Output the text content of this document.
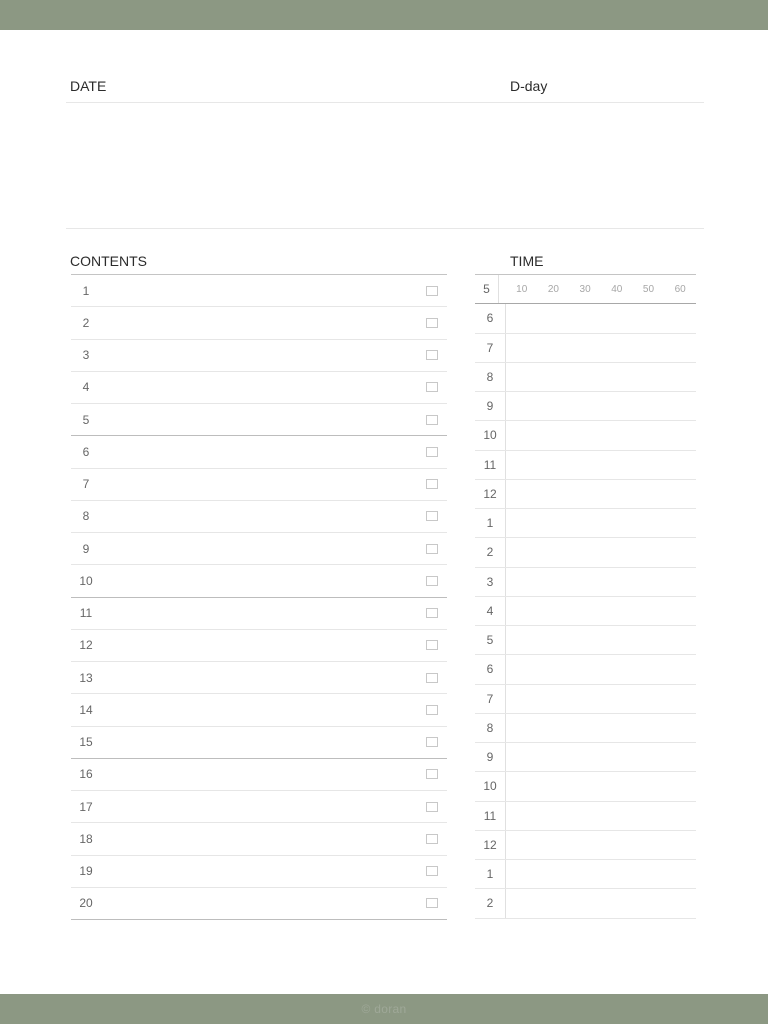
DATE	D-day
CONTENTS	TIME
1
2
3
4
5
6
7
8
9
10
11
12
13
14
15
16
17
18
19
20
5	10	20	30	40	50	60
6
7
8
9
10
11
12
1
2
3
4
5
6
7
8
9
10
11
12
1
2
© doran
